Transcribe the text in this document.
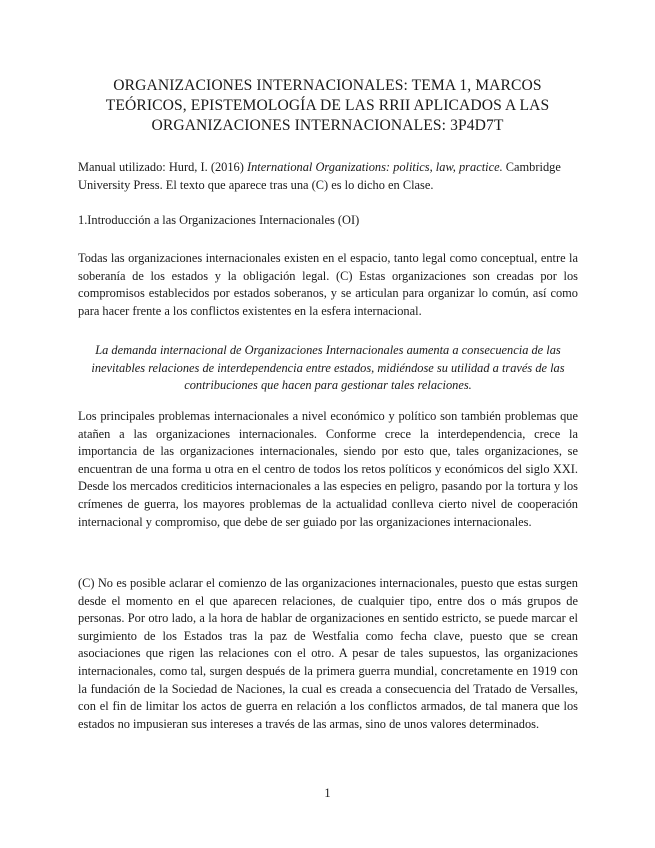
ORGANIZACIONES INTERNACIONALES: TEMA 1, MARCOS TEÓRICOS, EPISTEMOLOGÍA DE LAS RRII APLICADOS A LAS ORGANIZACIONES INTERNACIONALES: 3P4D7T
Manual utilizado: Hurd, I. (2016) International Organizations: politics, law, practice. Cambridge University Press. El texto que aparece tras una (C) es lo dicho en Clase.
1.Introducción a las Organizaciones Internacionales (OI)
Todas las organizaciones internacionales existen en el espacio, tanto legal como conceptual, entre la soberanía de los estados y la obligación legal. (C) Estas organizaciones son creadas por los compromisos establecidos por estados soberanos, y se articulan para organizar lo común, así como para hacer frente a los conflictos existentes en la esfera internacional.
La demanda internacional de Organizaciones Internacionales aumenta a consecuencia de las inevitables relaciones de interdependencia entre estados, midiéndose su utilidad a través de las contribuciones que hacen para gestionar tales relaciones.
Los principales problemas internacionales a nivel económico y político son también problemas que atañen a las organizaciones internacionales. Conforme crece la interdependencia, crece la importancia de las organizaciones internacionales, siendo por esto que, tales organizaciones, se encuentran de una forma u otra en el centro de todos los retos políticos y económicos del siglo XXI. Desde los mercados crediticios internacionales a las especies en peligro, pasando por la tortura y los crímenes de guerra, los mayores problemas de la actualidad conlleva cierto nivel de cooperación internacional y compromiso, que debe de ser guiado por las organizaciones internacionales.
(C) No es posible aclarar el comienzo de las organizaciones internacionales, puesto que estas surgen desde el momento en el que aparecen relaciones, de cualquier tipo, entre dos o más grupos de personas. Por otro lado, a la hora de hablar de organizaciones en sentido estricto, se puede marcar el surgimiento de los Estados tras la paz de Westfalia como fecha clave, puesto que se crean asociaciones que rigen las relaciones con el otro. A pesar de tales supuestos, las organizaciones internacionales, como tal, surgen después de la primera guerra mundial, concretamente en 1919 con la fundación de la Sociedad de Naciones, la cual es creada a consecuencia del Tratado de Versalles, con el fin de limitar los actos de guerra en relación a los conflictos armados, de tal manera que los estados no impusieran sus intereses a través de las armas, sino de unos valores determinados.
1
